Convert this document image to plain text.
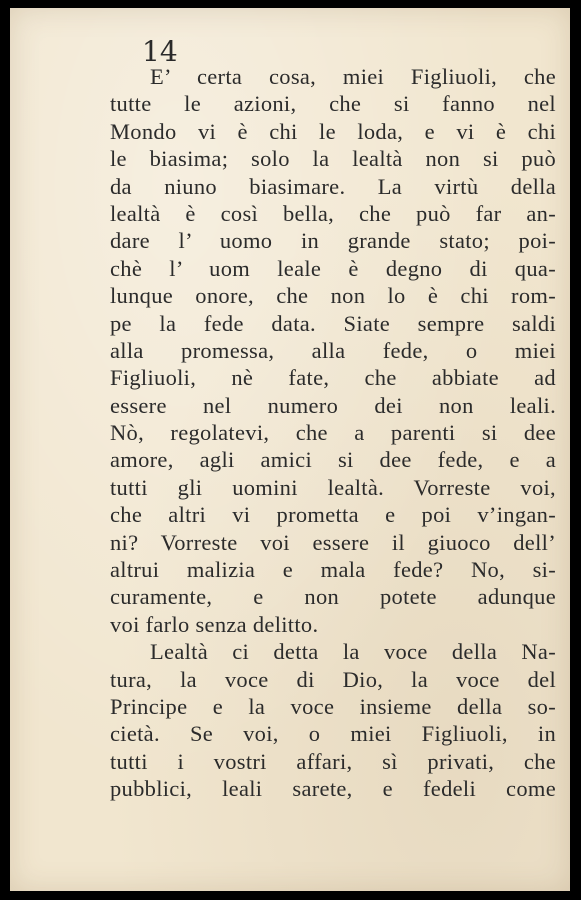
14
E’ certa cosa, miei Figliuoli, che
tutte le azioni, che si fanno nel
Mondo vi è chi le loda, e vi è chi
le biasima; solo la lealtà non si può
da niuno biasimare. La virtù della
lealtà è così bella, che può far an-
dare l’ uomo in grande stato; poi-
chè l’ uom leale è degno di qua-
lunque onore, che non lo è chi rom-
pe la fede data. Siate sempre saldi
alla promessa, alla fede, o miei
Figliuoli, nè fate, che abbiate ad
essere nel numero dei non leali.
Nò, regolatevi, che a parenti si dee
amore, agli amici si dee fede, e a
tutti gli uomini lealtà. Vorreste voi,
che altri vi prometta e poi v’ingan-
ni? Vorreste voi essere il giuoco dell’
altrui malizia e mala fede? No, si-
curamente, e non potete adunque
voi farlo senza delitto.
Lealtà ci detta la voce della Na-
tura, la voce di Dio, la voce del
Principe e la voce insieme della so-
cietà. Se voi, o miei Figliuoli, in
tutti i vostri affari, sì privati, che
pubblici, leali sarete, e fedeli come
